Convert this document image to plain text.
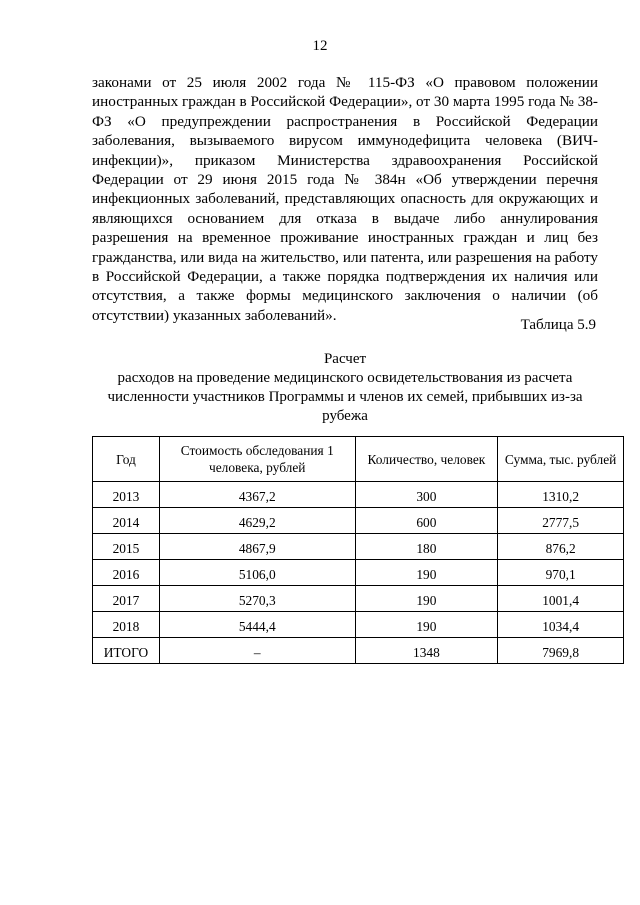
12

законами от 25 июля 2002 года № 115-ФЗ «О правовом положении иностранных граждан в Российской Федерации», от 30 марта 1995 года № 38-ФЗ «О предупреждении распространения в Российской Федерации заболевания, вызываемого вирусом иммунодефицита человека (ВИЧ-инфекции)», приказом Министерства здравоохранения Российской Федерации от 29 июня 2015 года № 384н «Об утверждении перечня инфекционных заболеваний, представляющих опасность для окружающих и являющихся основанием для отказа в выдаче либо аннулирования разрешения на временное проживание иностранных граждан и лиц без гражданства, или вида на жительство, или патента, или разрешения на работу в Российской Федерации, а также порядка подтверждения их наличия или отсутствия, а также формы медицинского заключения о наличии (об отсутствии) указанных заболеваний».

Таблица 5.9
Расчет
расходов на проведение медицинского освидетельствования из расчета численности участников Программы и членов их семей, прибывших из-за рубежа
Год	Стоимость обследования 1 человека, рублей	Количество, человек	Сумма, тыс. рублей
2013	4367,2	300	1310,2
2014	4629,2	600	2777,5
2015	4867,9	180	876,2
2016	5106,0	190	970,1
2017	5270,3	190	1001,4
2018	5444,4	190	1034,4
ИТОГО	–	1348	7969,8
